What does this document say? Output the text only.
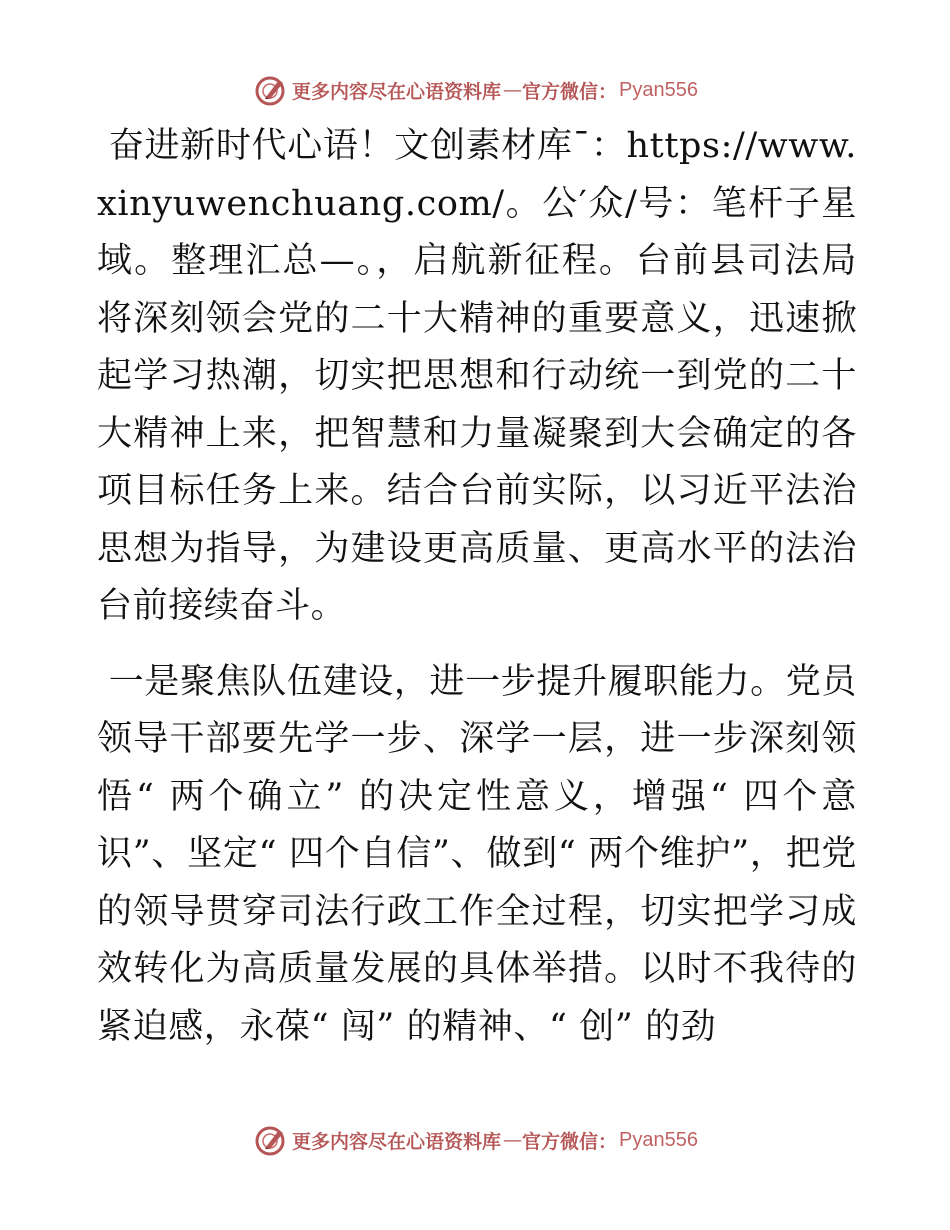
更多内容尽在心语资料库 — 官方微信： Pyan556

奋进新时代心语！文创素材库¯：https://www.xinyuwenchuang.com/。公′众/号：笔杆子星域。整理汇总—。，启航新征程。台前县司法局将深刻领会党的二十大精神的重要意义，迅速掀起学习热潮，切实把思想和行动统一到党的二十大精神上来，把智慧和力量凝聚到大会确定的各项目标任务上来。结合台前实际，以习近平法治思想为指导，为建设更高质量、更高水平的法治台前接续奋斗。

一是聚焦队伍建设，进一步提升履职能力。党员领导干部要先学一步、深学一层，进一步深刻领悟“ 两个确立” 的决定性意义，增强“ 四个意识”、坚定“ 四个自信”、做到“ 两个维护”，把党的领导贯穿司法行政工作全过程，切实把学习成效转化为高质量发展的具体举措。以时不我待的紧迫感，永葆“ 闯” 的精神、“ 创” 的劲

更多内容尽在心语资料库 — 官方微信： Pyan556
